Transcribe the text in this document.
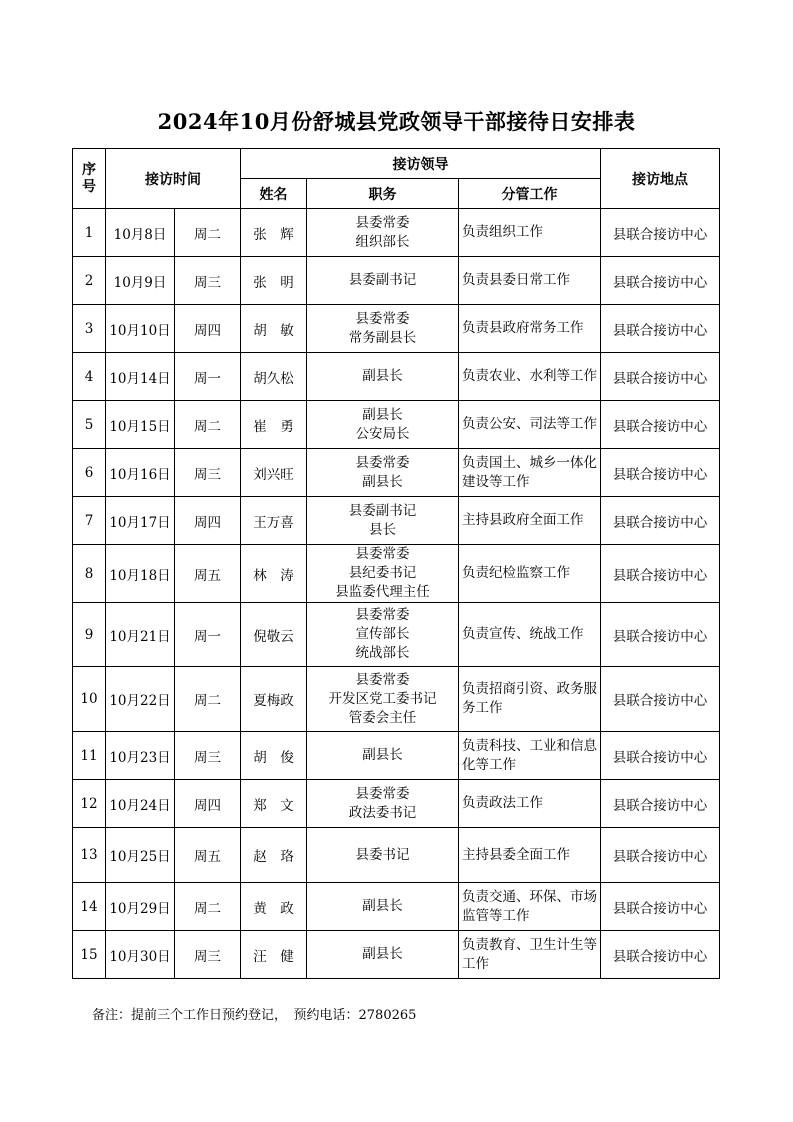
2024年10月份舒城县党政领导干部接待日安排表
序号	接访时间		接访领导			接访地点
			姓名	职务	分管工作	
1	10月8日	周二	张　辉	县委常委
组织部长	负责组织工作	县联合接访中心
2	10月9日	周三	张　明	县委副书记	负责县委日常工作	县联合接访中心
3	10月10日	周四	胡　敏	县委常委
常务副县长	负责县政府常务工作	县联合接访中心
4	10月14日	周一	胡久松	副县长	负责农业、水利等工作	县联合接访中心
5	10月15日	周二	崔　勇	副县长
公安局长	负责公安、司法等工作	县联合接访中心
6	10月16日	周三	刘兴旺	县委常委
副县长	负责国土、城乡一体化建设等工作	县联合接访中心
7	10月17日	周四	王万喜	县委副书记
县长	主持县政府全面工作	县联合接访中心
8	10月18日	周五	林　涛	县委常委
县纪委书记
县监委代理主任	负责纪检监察工作	县联合接访中心
9	10月21日	周一	倪敬云	县委常委
宣传部长
统战部长	负责宣传、统战工作	县联合接访中心
10	10月22日	周二	夏梅政	县委常委
开发区党工委书记
管委会主任	负责招商引资、政务服务工作	县联合接访中心
11	10月23日	周三	胡　俊	副县长	负责科技、工业和信息化等工作	县联合接访中心
12	10月24日	周四	郑　文	县委常委
政法委书记	负责政法工作	县联合接访中心
13	10月25日	周五	赵　珞	县委书记	主持县委全面工作	县联合接访中心
14	10月29日	周二	黄　政	副县长	负责交通、环保、市场监管等工作	县联合接访中心
15	10月30日	周三	汪　健	副县长	负责教育、卫生计生等工作	县联合接访中心
备注：提前三个工作日预约登记，　预约电话：2780265
